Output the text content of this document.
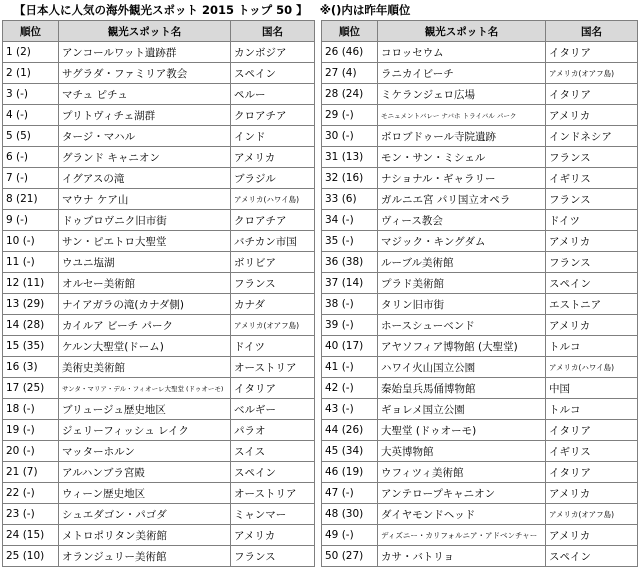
【日本人に人気の海外観光スポット 2015 トップ 50 】 ※()内は昨年順位
順位	観光スポット名	国名
1 (2)	アンコールワット遺跡群	カンボジア
2 (1)	サグラダ・ファミリア教会	スペイン
3 (-)	マチュ ピチュ	ペルー
4 (-)	プリトヴィチェ湖群	クロアチア
5 (5)	タージ・マハル	インド
6 (-)	グランド キャニオン	アメリカ
7 (-)	イグアスの滝	ブラジル
8 (21)	マウナ ケア山	アメリカ(ハワイ島)
9 (-)	ドゥブロヴニク旧市街	クロアチア
10 (-)	サン・ピエトロ大聖堂	バチカン市国
11 (-)	ウユニ塩湖	ボリビア
12 (11)	オルセー美術館	フランス
13 (29)	ナイアガラの滝(カナダ側)	カナダ
14 (28)	カイルア ビーチ パーク	アメリカ(オアフ島)
15 (35)	ケルン大聖堂(ドーム)	ドイツ
16 (3)	美術史美術館	オーストリア
17 (25)	サンタ・マリア・デル・フィオーレ大聖堂 (ドゥオーモ)	イタリア
18 (-)	ブリュージュ歴史地区	ベルギー
19 (-)	ジェリーフィッシュ レイク	パラオ
20 (-)	マッターホルン	スイス
21 (7)	アルハンブラ宮殿	スペイン
22 (-)	ウィーン歴史地区	オーストリア
23 (-)	シュエダゴン・パゴダ	ミャンマー
24 (15)	メトロポリタン美術館	アメリカ
25 (10)	オランジュリー美術館	フランス
順位	観光スポット名	国名
26 (46)	コロッセウム	イタリア
27 (4)	ラニカイビーチ	アメリカ(オアフ島)
28 (24)	ミケランジェロ広場	イタリア
29 (-)	モニュメントバレー ナバホ トライバル パーク	アメリカ
30 (-)	ボロブドゥール寺院遺跡	インドネシア
31 (13)	モン・サン・ミシェル	フランス
32 (16)	ナショナル・ギャラリー	イギリス
33 (6)	ガルニエ宮 パリ国立オペラ	フランス
34 (-)	ヴィース教会	ドイツ
35 (-)	マジック・キングダム	アメリカ
36 (38)	ルーブル美術館	フランス
37 (14)	プラド美術館	スペイン
38 (-)	タリン旧市街	エストニア
39 (-)	ホースシューベンド	アメリカ
40 (17)	アヤソフィア博物館 (大聖堂)	トルコ
41 (-)	ハワイ火山国立公園	アメリカ(ハワイ島)
42 (-)	秦始皇兵馬俑博物館	中国
43 (-)	ギョレメ国立公園	トルコ
44 (26)	大聖堂 (ドゥオーモ)	イタリア
45 (34)	大英博物館	イギリス
46 (19)	ウフィツィ美術館	イタリア
47 (-)	アンテロープキャニオン	アメリカ
48 (30)	ダイヤモンドヘッド	アメリカ(オアフ島)
49 (-)	ディズニー・カリフォルニア・アドベンチャー	アメリカ
50 (27)	カサ・バトリョ	スペイン
